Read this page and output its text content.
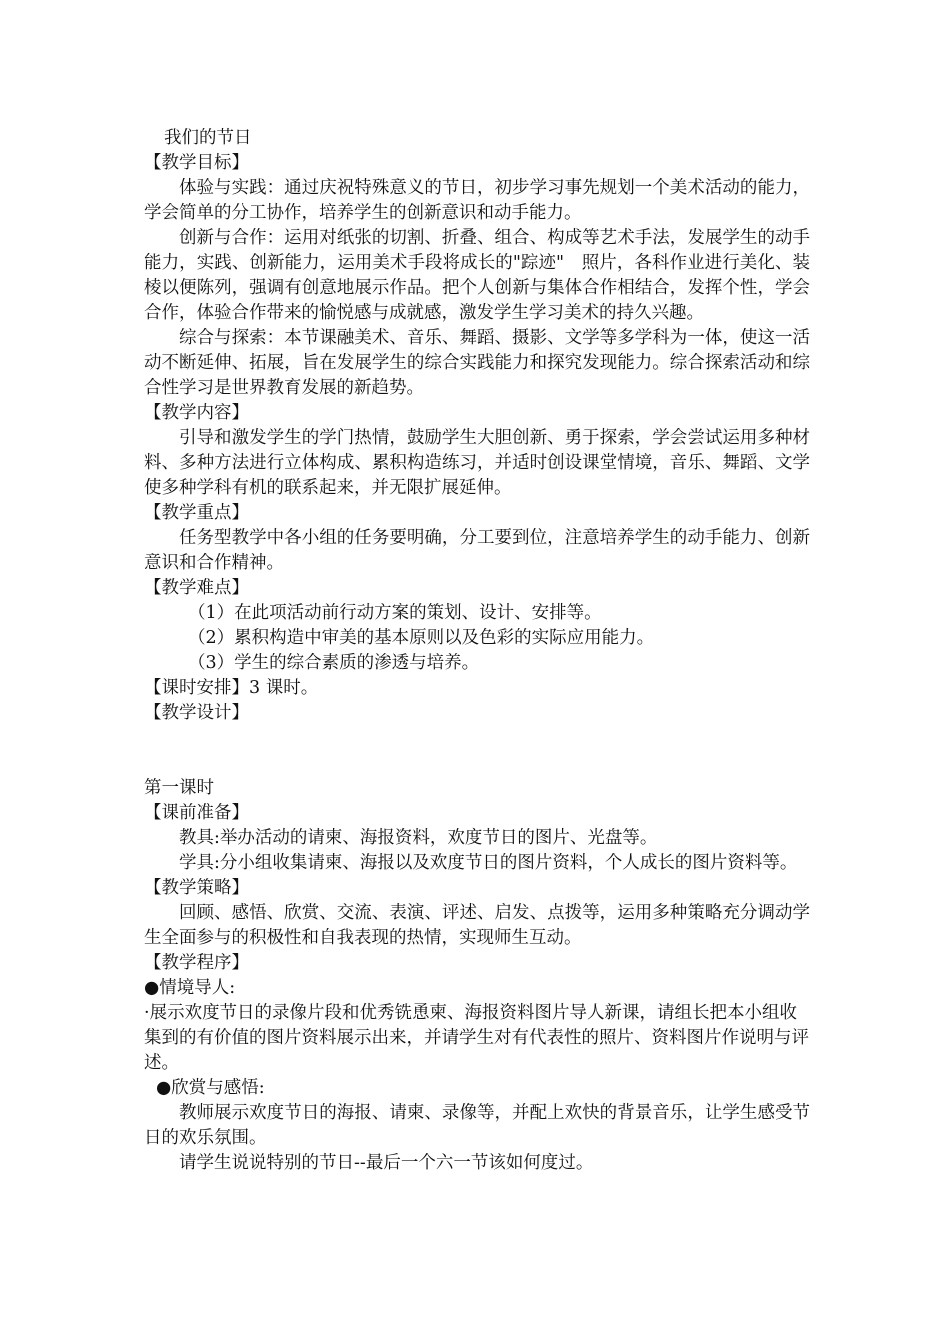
我们的节日
【教学目标】
体验与实践：通过庆祝特殊意义的节日，初步学习事先规划一个美术活动的能力，学会简单的分工协作，培养学生的创新意识和动手能力。
创新与合作：运用对纸张的切割、折叠、组合、构成等艺术手法，发展学生的动手能力，实践、创新能力，运用美术手段将成长的"踪迹"　照片，各科作业进行美化、装棱以便陈列，强调有创意地展示作品。把个人创新与集体合作相结合，发挥个性，学会合作，体验合作带来的愉悦感与成就感，激发学生学习美术的持久兴趣。
综合与探索：本节课融美术、音乐、舞蹈、摄影、文学等多学科为一体，使这一活动不断延伸、拓展，旨在发展学生的综合实践能力和探究发现能力。综合探索活动和综合性学习是世界教育发展的新趋势。
【教学内容】
引导和激发学生的学门热情，鼓励学生大胆创新、勇于探索，学会尝试运用多种材料、多种方法进行立体构成、累积构造练习，并适时创设课堂情境，音乐、舞蹈、文学使多种学科有机的联系起来，并无限扩展延伸。
【教学重点】
任务型教学中各小组的任务要明确，分工要到位，注意培养学生的动手能力、创新意识和合作精神。
【教学难点】
（1）在此项活动前行动方案的策划、设计、安排等。
（2）累积构造中审美的基本原则以及色彩的实际应用能力。
（3）学生的综合素质的渗透与培养。
【课时安排】3 课时。
【教学设计】
第一课时
【课前准备】
教具:举办活动的请柬、海报资料，欢度节日的图片、光盘等。
学具:分小组收集请柬、海报以及欢度节日的图片资料，个人成长的图片资料等。
【教学策略】
回顾、感悟、欣赏、交流、表演、评述、启发、点拨等，运用多种策略充分调动学生全面参与的积极性和自我表现的热情，实现师生互动。
【教学程序】
●情境导人:
·展示欢度节日的录像片段和优秀铣恿柬、海报资料图片导人新课，请组长把本小组收集到的有价值的图片资料展示出来，并请学生对有代表性的照片、资料图片作说明与评述。
●欣赏与感悟:
教师展示欢度节日的海报、请柬、录像等，并配上欢快的背景音乐，让学生感受节日的欢乐氛围。
请学生说说特别的节日--最后一个六一节该如何度过。
